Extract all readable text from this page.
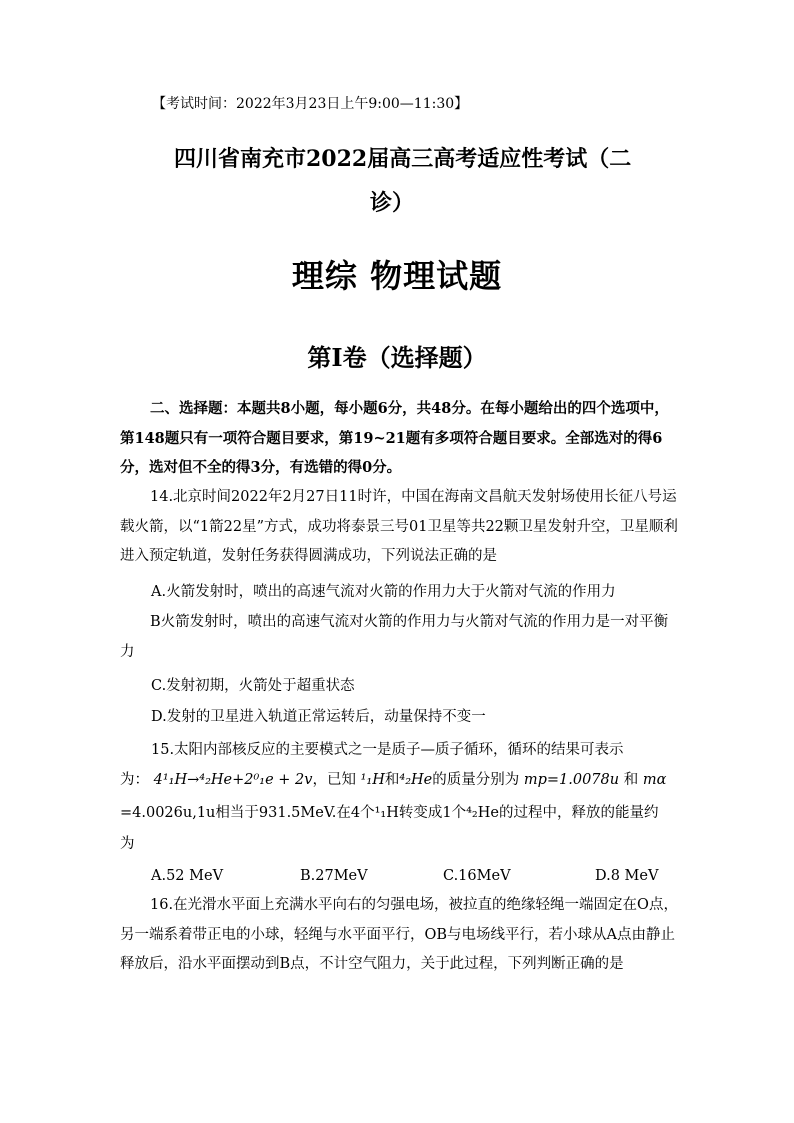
【考试时间：2022年3月23日上午9:00—11:30】
四川省南充市2022届高三高考适应性考试（二
诊）
理综 物理试题
第Ⅰ卷（选择题）
二、选择题：本题共8小题，每小题6分，共48分。在每小题给出的四个选项中，第148题只有一项符合题目要求，第19~21题有多项符合题目要求。全部选对的得6分，选对但不全的得3分，有选错的得0分。
14.北京时间2022年2月27日11时许，中国在海南文昌航天发射场使用长征八号运载火箭，以“1箭22星”方式，成功将泰景三号01卫星等共22颗卫星发射升空，卫星顺利进入预定轨道，发射任务获得圆满成功，下列说法正确的是
A.火箭发射时，喷出的高速气流对火箭的作用力大于火箭对气流的作用力
B火箭发射时，喷出的高速气流对火箭的作用力与火箭对气流的作用力是一对平衡力
C.发射初期，火箭处于超重状态
D.发射的卫星进入轨道正常运转后，动量保持不变一
15.太阳内部核反应的主要模式之一是质子—质子循环，循环的结果可表示
为： 4¹₁H→⁴₂He+2⁰₁e + 2v，已知 ¹₁H和⁴₂He的质量分别为 mp=1.0078u 和 mα
=4.0026u,1u相当于931.5MeV.在4个¹₁H转变成1个⁴₂He的过程中，释放的能量约
为
A.52 MeV	B.27MeV	C.16MeV	D.8 MeV
16.在光滑水平面上充满水平向右的匀强电场，被拉直的绝缘轻绳一端固定在O点，另一端系着带正电的小球，轻绳与水平面平行，OB与电场线平行，若小球从A点由静止释放后，沿水平面摆动到B点，不计空气阻力，关于此过程，下列判断正确的是
